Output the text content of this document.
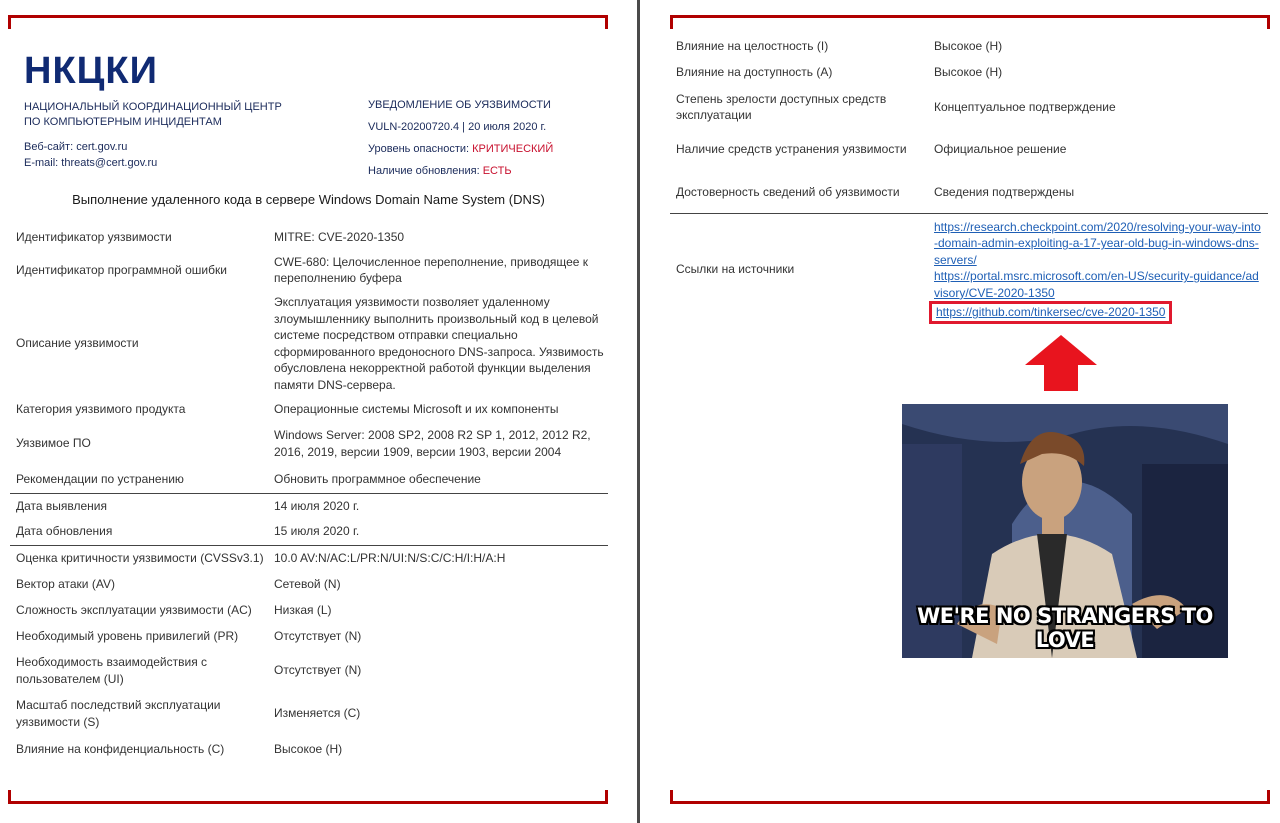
НКЦКИ
НАЦИОНАЛЬНЫЙ КООРДИНАЦИОННЫЙ ЦЕНТР
ПО КОМПЬЮТЕРНЫМ ИНЦИДЕНТАМ
Веб-сайт: cert.gov.ru
E-mail: threats@cert.gov.ru
УВЕДОМЛЕНИЕ ОБ УЯЗВИМОСТИ
VULN-20200720.4 | 20 июля 2020 г.
Уровень опасности: КРИТИЧЕСКИЙ
Наличие обновления: ЕСТЬ
Выполнение удаленного кода в сервере Windows Domain Name System (DNS)
Идентификатор уязвимости	MITRE: CVE-2020-1350
Идентификатор программной ошибки	CWE-680: Целочисленное переполнение, приводящее к переполнению буфера
Описание уязвимости	Эксплуатация уязвимости позволяет удаленному злоумышленнику выполнить произвольный код в целевой системе посредством отправки специально сформированного вредоносного DNS-запроса. Уязвимость обусловлена некорректной работой функции выделения памяти DNS-сервера.
Категория уязвимого продукта	Операционные системы Microsoft и их компоненты
Уязвимое ПО	Windows Server: 2008 SP2, 2008 R2 SP 1, 2012, 2012 R2, 2016, 2019, версии 1909, версии 1903, версии 2004
Рекомендации по устранению	Обновить программное обеспечение
Дата выявления	14 июля 2020 г.
Дата обновления	15 июля 2020 г.
Оценка критичности уязвимости (CVSSv3.1)	10.0 AV:N/AC:L/PR:N/UI:N/S:C/C:H/I:H/A:H
Вектор атаки (AV)	Сетевой (N)
Сложность эксплуатации уязвимости (AC)	Низкая (L)
Необходимый уровень привилегий (PR)	Отсутствует (N)
Необходимость взаимодействия с пользователем (UI)	Отсутствует (N)
Масштаб последствий эксплуатации уязвимости (S)	Изменяется (C)
Влияние на конфиденциальность (C)	Высокое (H)
Влияние на целостность (I)	Высокое (H)
Влияние на доступность (A)	Высокое (H)
Степень зрелости доступных средств эксплуатации	Концептуальное подтверждение
Наличие средств устранения уязвимости	Официальное решение
Достоверность сведений об уязвимости	Сведения подтверждены
Ссылки на источники	https://research.checkpoint.com/2020/resolving-your-way-into-domain-admin-exploiting-a-17-year-old-bug-in-windows-dns-servers/
https://portal.msrc.microsoft.com/en-US/security-guidance/advisory/CVE-2020-1350
https://github.com/tinkersec/cve-2020-1350
WE'RE NO STRANGERS TO LOVE
